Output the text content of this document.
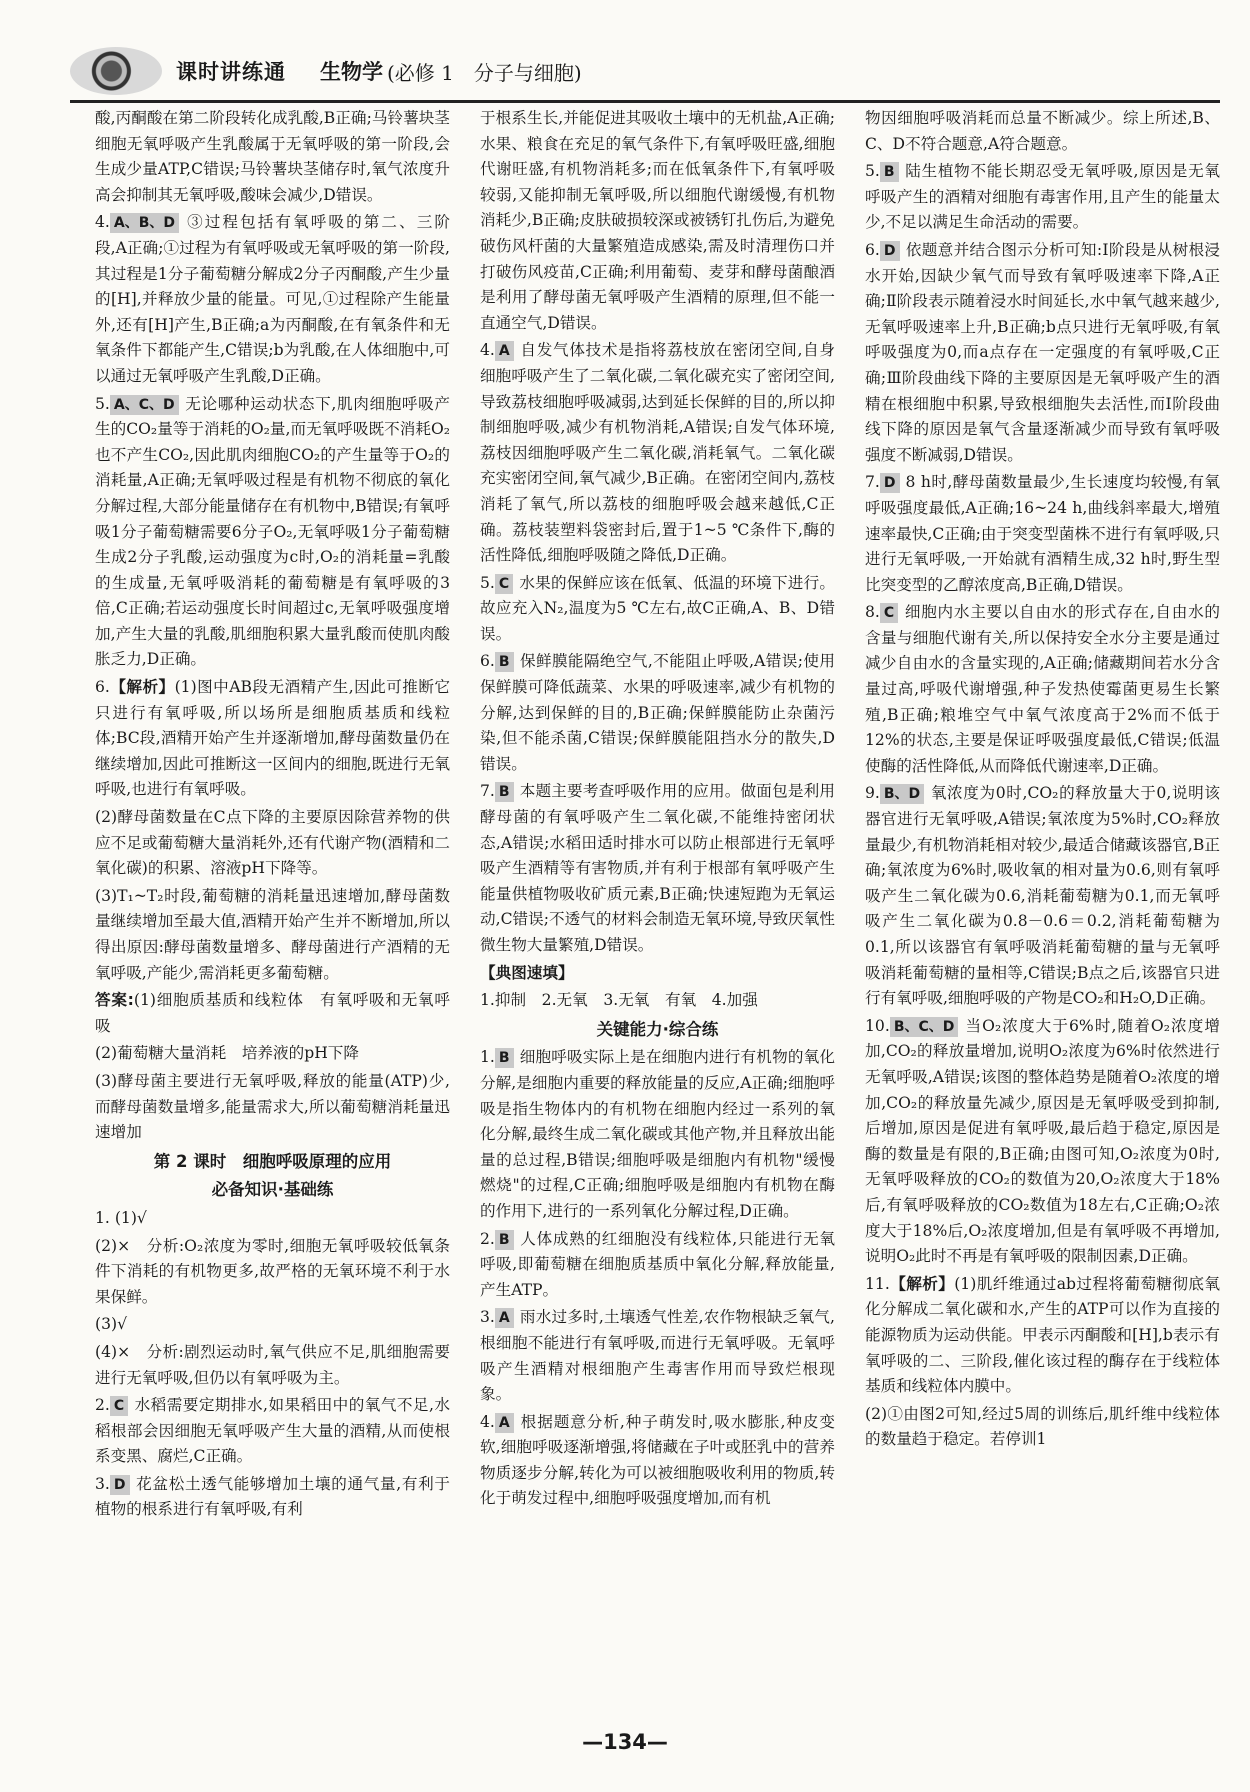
课时讲练通 生物学 (必修 1　分子与细胞)

酸,丙酮酸在第二阶段转化成乳酸,B正确;马铃薯块茎细胞无氧呼吸产生乳酸属于无氧呼吸的第一阶段,会生成少量ATP,C错误;马铃薯块茎储存时,氧气浓度升高会抑制其无氧呼吸,酸味会减少,D错误。

4. A、B、D ③过程包括有氧呼吸的第二、三阶段,A正确;①过程为有氧呼吸或无氧呼吸的第一阶段,其过程是1分子葡萄糖分解成2分子丙酮酸,产生少量的[H],并释放少量的能量。可见,①过程除产生能量外,还有[H]产生,B正确;a为丙酮酸,在有氧条件和无氧条件下都能产生,C错误;b为乳酸,在人体细胞中,可以通过无氧呼吸产生乳酸,D正确。

5. A、C、D 无论哪种运动状态下,肌肉细胞呼吸产生的CO₂量等于消耗的O₂量,而无氧呼吸既不消耗O₂也不产生CO₂,因此肌肉细胞CO₂的产生量等于O₂的消耗量,A正确;无氧呼吸过程是有机物不彻底的氧化分解过程,大部分能量储存在有机物中,B错误;有氧呼吸1分子葡萄糖需要6分子O₂,无氧呼吸1分子葡萄糖生成2分子乳酸,运动强度为c时,O₂的消耗量=乳酸的生成量,无氧呼吸消耗的葡萄糖是有氧呼吸的3倍,C正确;若运动强度长时间超过c,无氧呼吸强度增加,产生大量的乳酸,肌细胞积累大量乳酸而使肌肉酸胀乏力,D正确。

6.【解析】(1)图中AB段无酒精产生,因此可推断它只进行有氧呼吸,所以场所是细胞质基质和线粒体;BC段,酒精开始产生并逐渐增加,酵母菌数量仍在继续增加,因此可推断这一区间内的细胞,既进行无氧呼吸,也进行有氧呼吸。

(2)酵母菌数量在C点下降的主要原因除营养物的供应不足或葡萄糖大量消耗外,还有代谢产物(酒精和二氧化碳)的积累、溶液pH下降等。

(3)T₁~T₂时段,葡萄糖的消耗量迅速增加,酵母菌数量继续增加至最大值,酒精开始产生并不断增加,所以得出原因:酵母菌数量增多、酵母菌进行产酒精的无氧呼吸,产能少,需消耗更多葡萄糖。

答案:(1)细胞质基质和线粒体　有氧呼吸和无氧呼吸

(2)葡萄糖大量消耗　培养液的pH下降

(3)酵母菌主要进行无氧呼吸,释放的能量(ATP)少,而酵母菌数量增多,能量需求大,所以葡萄糖消耗量迅速增加

第 2 课时　细胞呼吸原理的应用
必备知识·基础练

1. (1)√

(2)×　分析:O₂浓度为零时,细胞无氧呼吸较低氧条件下消耗的有机物更多,故严格的无氧环境不利于水果保鲜。

(3)√

(4)×　分析:剧烈运动时,氧气供应不足,肌细胞需要进行无氧呼吸,但仍以有氧呼吸为主。

2. C 水稻需要定期排水,如果稻田中的氧气不足,水稻根部会因细胞无氧呼吸产生大量的酒精,从而使根系变黑、腐烂,C正确。

3. D 花盆松土透气能够增加土壤的通气量,有利于植物的根系进行有氧呼吸,有利

于根系生长,并能促进其吸收土壤中的无机盐,A正确;水果、粮食在充足的氧气条件下,有氧呼吸旺盛,细胞代谢旺盛,有机物消耗多;而在低氧条件下,有氧呼吸较弱,又能抑制无氧呼吸,所以细胞代谢缓慢,有机物消耗少,B正确;皮肤破损较深或被锈钉扎伤后,为避免破伤风杆菌的大量繁殖造成感染,需及时清理伤口并打破伤风疫苗,C正确;利用葡萄、麦芽和酵母菌酿酒是利用了酵母菌无氧呼吸产生酒精的原理,但不能一直通空气,D错误。

4. A 自发气体技术是指将荔枝放在密闭空间,自身细胞呼吸产生了二氧化碳,二氧化碳充实了密闭空间,导致荔枝细胞呼吸减弱,达到延长保鲜的目的,所以抑制细胞呼吸,减少有机物消耗,A错误;自发气体环境,荔枝因细胞呼吸产生二氧化碳,消耗氧气。二氧化碳充实密闭空间,氧气减少,B正确。在密闭空间内,荔枝消耗了氧气,所以荔枝的细胞呼吸会越来越低,C正确。荔枝装塑料袋密封后,置于1~5 ℃条件下,酶的活性降低,细胞呼吸随之降低,D正确。

5. C 水果的保鲜应该在低氧、低温的环境下进行。故应充入N₂,温度为5 ℃左右,故C正确,A、B、D错误。

6. B 保鲜膜能隔绝空气,不能阻止呼吸,A错误;使用保鲜膜可降低蔬菜、水果的呼吸速率,减少有机物的分解,达到保鲜的目的,B正确;保鲜膜能防止杂菌污染,但不能杀菌,C错误;保鲜膜能阻挡水分的散失,D错误。

7. B 本题主要考查呼吸作用的应用。做面包是利用酵母菌的有氧呼吸产生二氧化碳,不能维持密闭状态,A错误;水稻田适时排水可以防止根部进行无氧呼吸产生酒精等有害物质,并有利于根部有氧呼吸产生能量供植物吸收矿质元素,B正确;快速短跑为无氧运动,C错误;不透气的材料会制造无氧环境,导致厌氧性微生物大量繁殖,D错误。

【典图速填】

1.抑制　2.无氧　3.无氧　有氧　4.加强

关键能力·综合练

1. B 细胞呼吸实际上是在细胞内进行有机物的氧化分解,是细胞内重要的释放能量的反应,A正确;细胞呼吸是指生物体内的有机物在细胞内经过一系列的氧化分解,最终生成二氧化碳或其他产物,并且释放出能量的总过程,B错误;细胞呼吸是细胞内有机物"缓慢燃烧"的过程,C正确;细胞呼吸是细胞内有机物在酶的作用下,进行的一系列氧化分解过程,D正确。

2. B 人体成熟的红细胞没有线粒体,只能进行无氧呼吸,即葡萄糖在细胞质基质中氧化分解,释放能量,产生ATP。

3. A 雨水过多时,土壤透气性差,农作物根缺乏氧气,根细胞不能进行有氧呼吸,而进行无氧呼吸。无氧呼吸产生酒精对根细胞产生毒害作用而导致烂根现象。

4. A 根据题意分析,种子萌发时,吸水膨胀,种皮变软,细胞呼吸逐渐增强,将储藏在子叶或胚乳中的营养物质逐步分解,转化为可以被细胞吸收利用的物质,转化于萌发过程中,细胞呼吸强度增加,而有机

物因细胞呼吸消耗而总量不断减少。综上所述,B、C、D不符合题意,A符合题意。

5. B 陆生植物不能长期忍受无氧呼吸,原因是无氧呼吸产生的酒精对细胞有毒害作用,且产生的能量太少,不足以满足生命活动的需要。

6. D 依题意并结合图示分析可知:Ⅰ阶段是从树根浸水开始,因缺少氧气而导致有氧呼吸速率下降,A正确;Ⅱ阶段表示随着浸水时间延长,水中氧气越来越少,无氧呼吸速率上升,B正确;b点只进行无氧呼吸,有氧呼吸强度为0,而a点存在一定强度的有氧呼吸,C正确;Ⅲ阶段曲线下降的主要原因是无氧呼吸产生的酒精在根细胞中积累,导致根细胞失去活性,而Ⅰ阶段曲线下降的原因是氧气含量逐渐减少而导致有氧呼吸强度不断减弱,D错误。

7. D 8 h时,酵母菌数量最少,生长速度均较慢,有氧呼吸强度最低,A正确;16~24 h,曲线斜率最大,增殖速率最快,C正确;由于突变型菌株不进行有氧呼吸,只进行无氧呼吸,一开始就有酒精生成,32 h时,野生型比突变型的乙醇浓度高,B正确,D错误。

8. C 细胞内水主要以自由水的形式存在,自由水的含量与细胞代谢有关,所以保持安全水分主要是通过减少自由水的含量实现的,A正确;储藏期间若水分含量过高,呼吸代谢增强,种子发热使霉菌更易生长繁殖,B正确;粮堆空气中氧气浓度高于2%而不低于12%的状态,主要是保证呼吸强度最低,C错误;低温使酶的活性降低,从而降低代谢速率,D正确。

9. B、D 氧浓度为0时,CO₂的释放量大于0,说明该器官进行无氧呼吸,A错误;氧浓度为5%时,CO₂释放量最少,有机物消耗相对较少,最适合储藏该器官,B正确;氧浓度为6%时,吸收氧的相对量为0.6,则有氧呼吸产生二氧化碳为0.6,消耗葡萄糖为0.1,而无氧呼吸产生二氧化碳为0.8－0.6＝0.2,消耗葡萄糖为0.1,所以该器官有氧呼吸消耗葡萄糖的量与无氧呼吸消耗葡萄糖的量相等,C错误;B点之后,该器官只进行有氧呼吸,细胞呼吸的产物是CO₂和H₂O,D正确。

10. B、C、D 当O₂浓度大于6%时,随着O₂浓度增加,CO₂的释放量增加,说明O₂浓度为6%时依然进行无氧呼吸,A错误;该图的整体趋势是随着O₂浓度的增加,CO₂的释放量先减少,原因是无氧呼吸受到抑制,后增加,原因是促进有氧呼吸,最后趋于稳定,原因是酶的数量是有限的,B正确;由图可知,O₂浓度为0时,无氧呼吸释放的CO₂的数值为20,O₂浓度大于18%后,有氧呼吸释放的CO₂数值为18左右,C正确;O₂浓度大于18%后,O₂浓度增加,但是有氧呼吸不再增加,说明O₂此时不再是有氧呼吸的限制因素,D正确。

11.【解析】(1)肌纤维通过ab过程将葡萄糖彻底氧化分解成二氧化碳和水,产生的ATP可以作为直接的能源物质为运动供能。甲表示丙酮酸和[H],b表示有氧呼吸的二、三阶段,催化该过程的酶存在于线粒体基质和线粒体内膜中。

(2)①由图2可知,经过5周的训练后,肌纤维中线粒体的数量趋于稳定。若停训1

—134—
